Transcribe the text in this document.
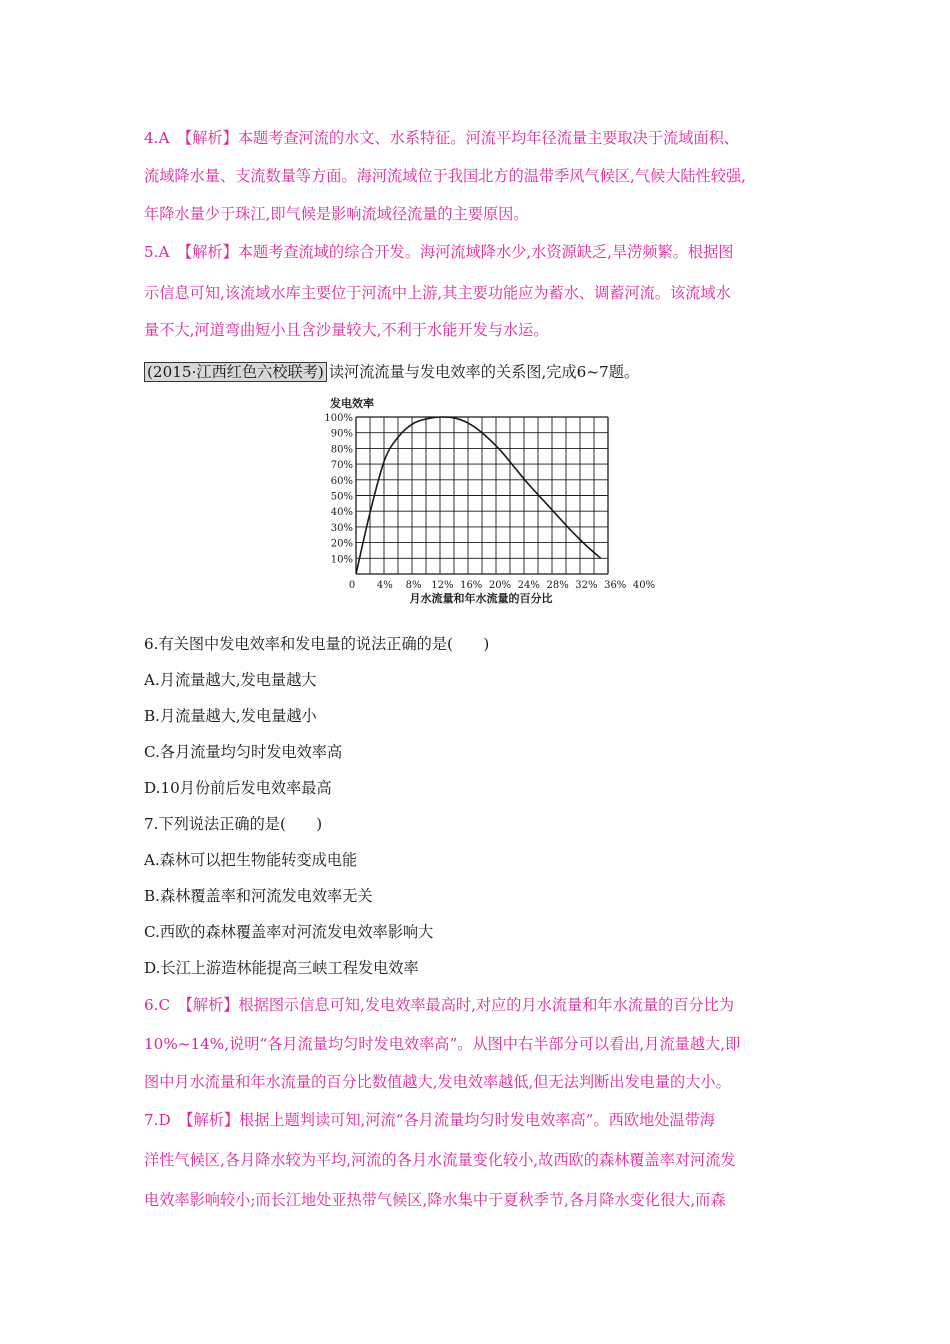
4.A　【解析】本题考查河流的水文、水系特征。河流平均年径流量主要取决于流域面积、
流域降水量、支流数量等方面。海河流域位于我国北方的温带季风气候区,气候大陆性较强,
年降水量少于珠江,即气候是影响流域径流量的主要原因。
5.A　【解析】本题考查流域的综合开发。海河流域降水少,水资源缺乏,旱涝频繁。根据图
示信息可知,该流域水库主要位于河流中上游,其主要功能应为蓄水、调蓄河流。该流域水
量不大,河道弯曲短小且含沙量较大,不利于水能开发与水运。
(2015·江西红色六校联考) 读河流流量与发电效率的关系图,完成6~7题。
发电效率
10%
20%
30%
40%
50%
60%
70%
80%
90%
100%
0 4% 8% 12% 16% 20% 24% 28% 32% 36% 40%
月水流量和年水流量的百分比
6.有关图中发电效率和发电量的说法正确的是(　　)
A.月流量越大,发电量越大
B.月流量越大,发电量越小
C.各月流量均匀时发电效率高
D.10月份前后发电效率最高
7.下列说法正确的是(　　)
A.森林可以把生物能转变成电能
B.森林覆盖率和河流发电效率无关
C.西欧的森林覆盖率对河流发电效率影响大
D.长江上游造林能提高三峡工程发电效率
6.C　【解析】根据图示信息可知,发电效率最高时,对应的月水流量和年水流量的百分比为
10%~14%,说明“各月流量均匀时发电效率高”。从图中右半部分可以看出,月流量越大,即
图中月水流量和年水流量的百分比数值越大,发电效率越低,但无法判断出发电量的大小。
7.D　【解析】根据上题判读可知,河流“各月流量均匀时发电效率高”。西欧地处温带海
洋性气候区,各月降水较为平均,河流的各月水流量变化较小,故西欧的森林覆盖率对河流发
电效率影响较小;而长江地处亚热带气候区,降水集中于夏秋季节,各月降水变化很大,而森
